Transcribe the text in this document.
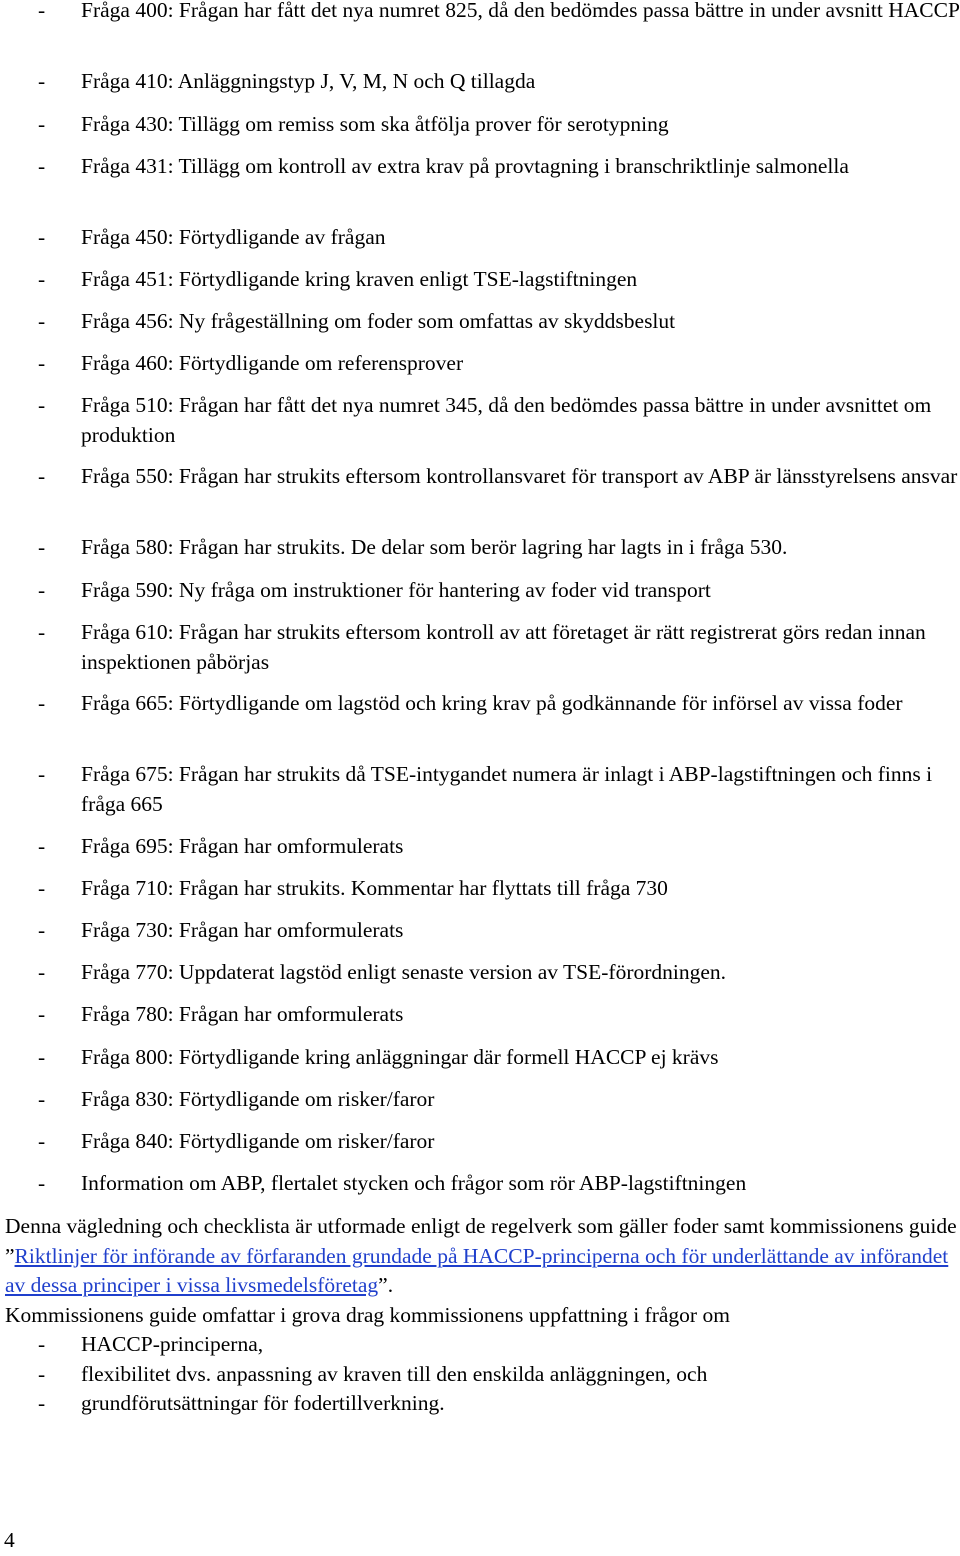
- Fråga 400: Frågan har fått det nya numret 825, då den bedömdes passa bättre in under avsnitt HACCP
- Fråga 410: Anläggningstyp J, V, M, N och Q tillagda
- Fråga 430: Tillägg om remiss som ska åtfölja prover för serotypning
- Fråga 431: Tillägg om kontroll av extra krav på provtagning i branschriktlinje salmonella
- Fråga 450: Förtydligande av frågan
- Fråga 451: Förtydligande kring kraven enligt TSE-lagstiftningen
- Fråga 456: Ny frågeställning om foder som omfattas av skyddsbeslut
- Fråga 460: Förtydligande om referensprover
- Fråga 510: Frågan har fått det nya numret 345, då den bedömdes passa bättre in under avsnittet om produktion
- Fråga 550: Frågan har strukits eftersom kontrollansvaret för transport av ABP är länsstyrelsens ansvar
- Fråga 580: Frågan har strukits. De delar som berör lagring har lagts in i fråga 530.
- Fråga 590: Ny fråga om instruktioner för hantering av foder vid transport
- Fråga 610: Frågan har strukits eftersom kontroll av att företaget är rätt registrerat görs redan innan inspektionen påbörjas
- Fråga 665: Förtydligande om lagstöd och kring krav på godkännande för införsel av vissa foder
- Fråga 675: Frågan har strukits då TSE-intygandet numera är inlagt i ABP-lagstiftningen och finns i fråga 665
- Fråga 695: Frågan har omformulerats
- Fråga 710: Frågan har strukits. Kommentar har flyttats till fråga 730
- Fråga 730: Frågan har omformulerats
- Fråga 770: Uppdaterat lagstöd enligt senaste version av TSE-förordningen.
- Fråga 780: Frågan har omformulerats
- Fråga 800: Förtydligande kring anläggningar där formell HACCP ej krävs
- Fråga 830: Förtydligande om risker/faror
- Fråga 840: Förtydligande om risker/faror
- Information om ABP, flertalet stycken och frågor som rör ABP-lagstiftningen

Denna vägledning och checklista är utformade enligt de regelverk som gäller foder samt kommissionens guide ”Riktlinjer för införande av förfaranden grundade på HACCP-principerna och för underlättande av införandet av dessa principer i vissa livsmedelsföretag”.

Kommissionens guide omfattar i grova drag kommissionens uppfattning i frågor om

- HACCP-principerna,
- flexibilitet dvs. anpassning av kraven till den enskilda anläggningen, och
- grundförutsättningar för fodertillverkning.
4
